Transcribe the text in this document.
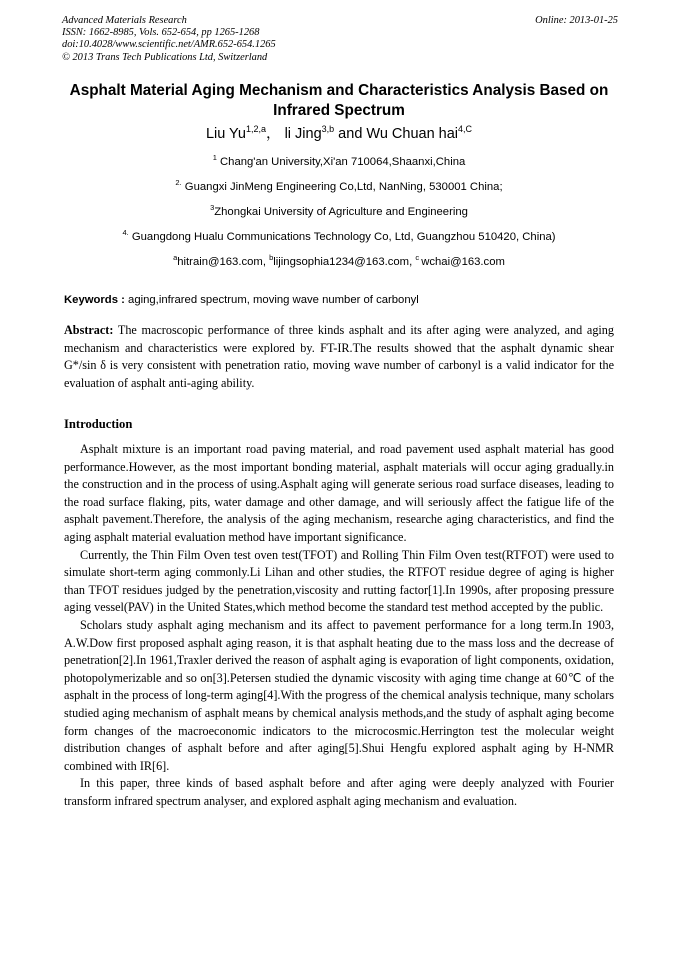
Advanced Materials Research
ISSN: 1662-8985, Vols. 652-654, pp 1265-1268
doi:10.4028/www.scientific.net/AMR.652-654.1265
© 2013 Trans Tech Publications Ltd, Switzerland
Online: 2013-01-25
Asphalt Material Aging Mechanism and Characteristics Analysis Based on Infrared Spectrum
Liu Yu$^{1,2,a}$， li Jing$^{3,b}$ and Wu Chuan hai$^{4,C}$
$^1$ Chang'an University,Xi'an 710064,Shaanxi,China
$^{2.}$ Guangxi JinMeng Engineering Co,Ltd, NanNing, 530001 China;
$^3$Zhongkai University of Agriculture and Engineering
$^{4.}$ Guangdong Hualu Communications Technology Co, Ltd, Guangzhou 510420, China)
$^a$hitrain@163.com, $^b$lijingsophia1234@163.com, $^c$ wchai@163.com
Keywords : aging,infrared spectrum, moving wave number of carbonyl
Abstract: The macroscopic performance of three kinds asphalt and its after aging were analyzed, and aging mechanism and characteristics were explored by. FT-IR.The results showed that the asphalt dynamic shear G*/sin δ is very consistent with penetration ratio, moving wave number of carbonyl is a valid indicator for the evaluation of asphalt anti-aging ability.
Introduction

Asphalt mixture is an important road paving material, and road pavement used asphalt material has good performance.However, as the most important bonding material, asphalt materials will occur aging gradually.in the construction and in the process of using.Asphalt aging will generate serious road surface diseases, leading to the road surface flaking, pits, water damage and other damage, and will seriously affect the fatigue life of the asphalt pavement.Therefore, the analysis of the aging mechanism, researche aging characteristics, and find the aging asphalt material evaluation method have important significance.

Currently, the Thin Film Oven test oven test(TFOT) and Rolling Thin Film Oven test(RTFOT) were used to simulate short-term aging commonly.Li Lihan and other studies, the RTFOT residue degree of aging is higher than TFOT residues judged by the penetration,viscosity and rutting factor[1].In 1990s, after proposing pressure aging vessel(PAV) in the United States,which method become the standard test method accepted by the public.

Scholars study asphalt aging mechanism and its affect to pavement performance for a long term.In 1903, A.W.Dow first proposed asphalt aging reason, it is that asphalt heating due to the mass loss and the decrease of penetration[2].In 1961,Traxler derived the reason of asphalt aging is evaporation of light components, oxidation, photopolymerizable and so on[3].Petersen studied the dynamic viscosity with aging time change at 60℃ of the asphalt in the process of long-term aging[4].With the progress of the chemical analysis technique, many scholars studied aging mechanism of asphalt means by chemical analysis methods,and the study of asphalt aging become form changes of the macroeconomic indicators to the microcosmic.Herrington test the molecular weight distribution changes of asphalt before and after aging[5].Shui Hengfu explored asphalt aging by H-NMR combined with IR[6].

In this paper, three kinds of based asphalt before and after aging were deeply analyzed with Fourier transform infrared spectrum analyser, and explored asphalt aging mechanism and evaluation.
